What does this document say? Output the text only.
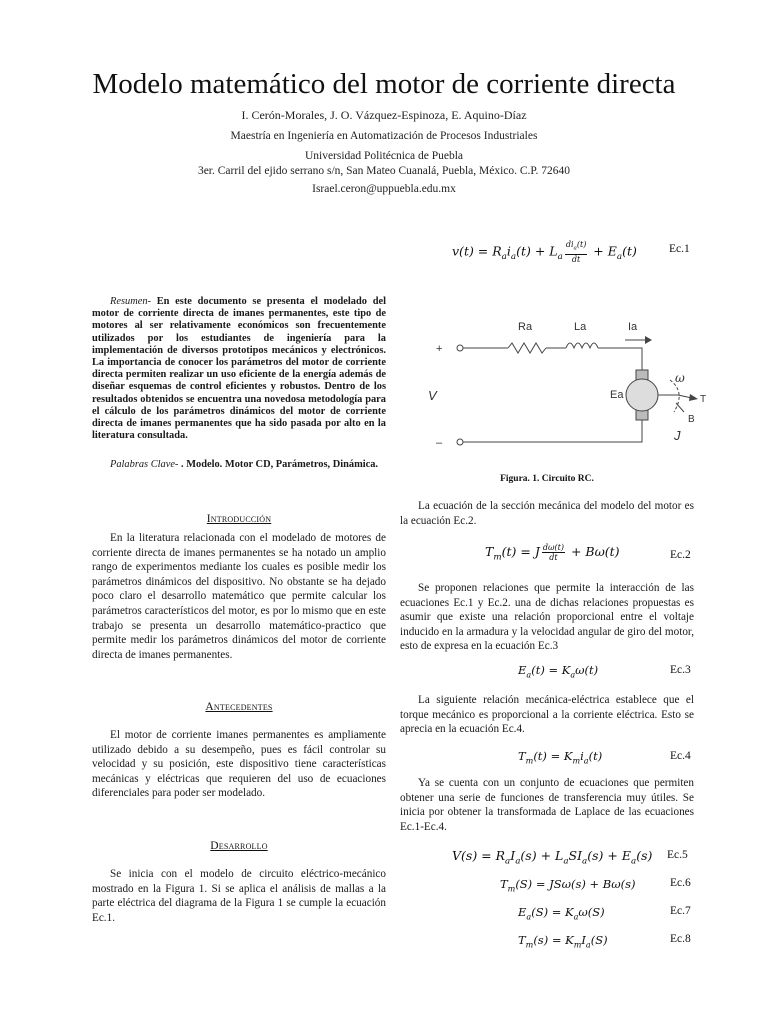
Modelo matemático del motor de corriente directa
I. Cerón-Morales, J. O. Vázquez-Espinoza, E. Aquino-Díaz
Maestría en Ingeniería en Automatización de Procesos Industriales
Universidad Politécnica de Puebla
3er. Carril del ejido serrano s/n, San Mateo Cuanalá, Puebla, México. C.P. 72640
Israel.ceron@uppuebla.edu.mx

Resumen- En este documento se presenta el modelado del motor de corriente directa de imanes permanentes, este tipo de motores al ser relativamente económicos son frecuentemente utilizados por los estudiantes de ingeniería para la implementación de diversos prototipos mecánicos y electrónicos. La importancia de conocer los parámetros del motor de corriente directa permiten realizar un uso eficiente de la energía además de diseñar esquemas de control eficientes y robustos. Dentro de los resultados obtenidos se encuentra una novedosa metodología para el cálculo de los parámetros dinámicos del motor de corriente directa de imanes permanentes que ha sido pasada por alto en la literatura consultada.

Palabras Clave- . Modelo. Motor CD, Parámetros, Dinámica.
Introducción

En la literatura relacionada con el modelado de motores de corriente directa de imanes permanentes se ha notado un amplio rango de experimentos mediante los cuales es posible medir los parámetros dinámicos del dispositivo. No obstante se ha dejado poco claro el desarrollo matemático que permite calcular los parámetros característicos del motor, es por lo mismo que en este trabajo se presenta un desarrollo matemático-practico que permite medir los parámetros dinámicos del motor de corriente directa de imanes permanentes.

Antecedentes

El motor de corriente imanes permanentes es ampliamente utilizado debido a su desempeño, pues es fácil controlar su velocidad y su posición, este dispositivo tiene características mecánicas y eléctricas que requieren del uso de ecuaciones diferenciales para poder ser modelado.

Desarrollo

Se inicia con el modelo de circuito eléctrico-mecánico mostrado en la Figura 1. Si se aplica el análisis de mallas a la parte eléctrica del diagrama de la Figura 1 se cumple la ecuación Ec.1.

$v(t) = R_ai_a(t) + L_a \frac{di_a(t)}{dt} + E_a(t)$	Ec.1
Ra	La	Ia
+
–
V	Ea
ω
T
B
J
Figura. 1. Circuito RC.

La ecuación de la sección mecánica del modelo del motor es la ecuación Ec.2.

$T_m(t) = J \frac{d\omega(t)}{dt} + B\omega(t)$	Ec.2

Se proponen relaciones que permite la interacción de las ecuaciones Ec.1 y Ec.2. una de dichas relaciones propuestas es asumir que existe una relación proporcional entre el voltaje inducido en la armadura y la velocidad angular de giro del motor, esto de expresa en la ecuación Ec.3

$E_a(t) = K_a\omega(t)$	Ec.3

La siguiente relación mecánica-eléctrica establece que el torque mecánico es proporcional a la corriente eléctrica. Esto se aprecia en la ecuación Ec.4.

$T_m(t) = K_mi_a(t)$	Ec.4

Ya se cuenta con un conjunto de ecuaciones que permiten obtener una serie de funciones de transferencia muy útiles. Se inicia por obtener la transformada de Laplace de las ecuaciones Ec.1-Ec.4.

$V(s) = R_aI_a(s) + L_aSI_a(s) + E_a(s)$ Ec.5
$T_m(S) = JS\omega(s) + B\omega(s)$	Ec.6
$E_a(S) = K_a\omega(S)$	Ec.7
$T_m(s) = K_mI_a(S)$	Ec.8
